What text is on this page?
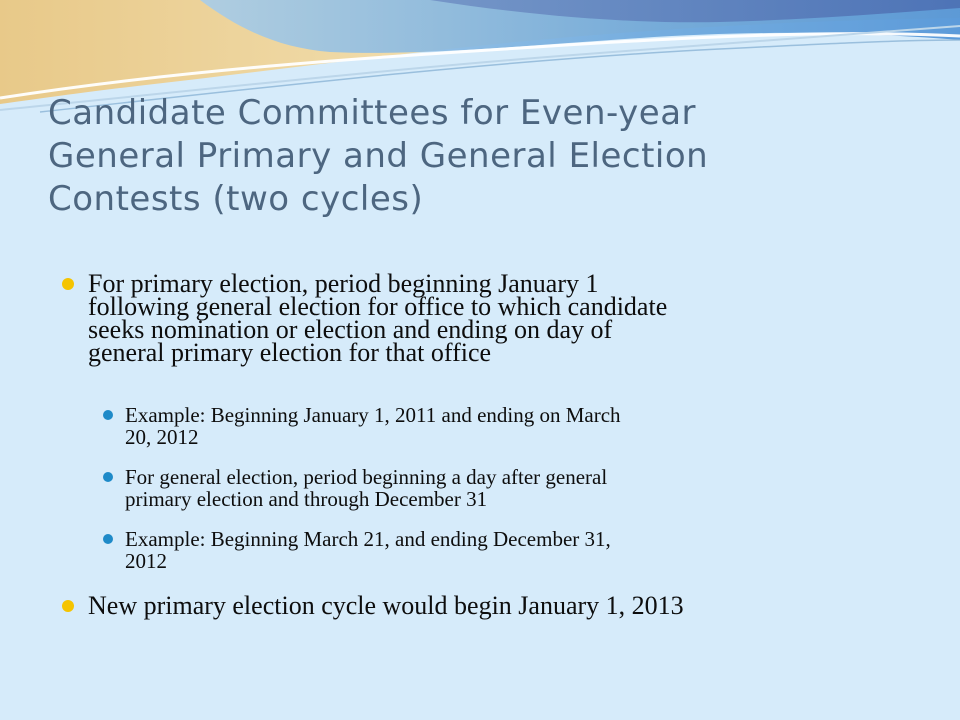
Candidate Committees for Even-year
General Primary and General Election
Contests (two cycles)
For primary election, period beginning January 1
following general election for office to which candidate
seeks nomination or election and ending on day of
general primary election for that office
Example: Beginning January 1, 2011 and ending on March
20, 2012
For general election, period beginning a day after general
primary election and through December 31
Example: Beginning March 21, and ending December 31,
2012
New primary election cycle would begin January 1, 2013
